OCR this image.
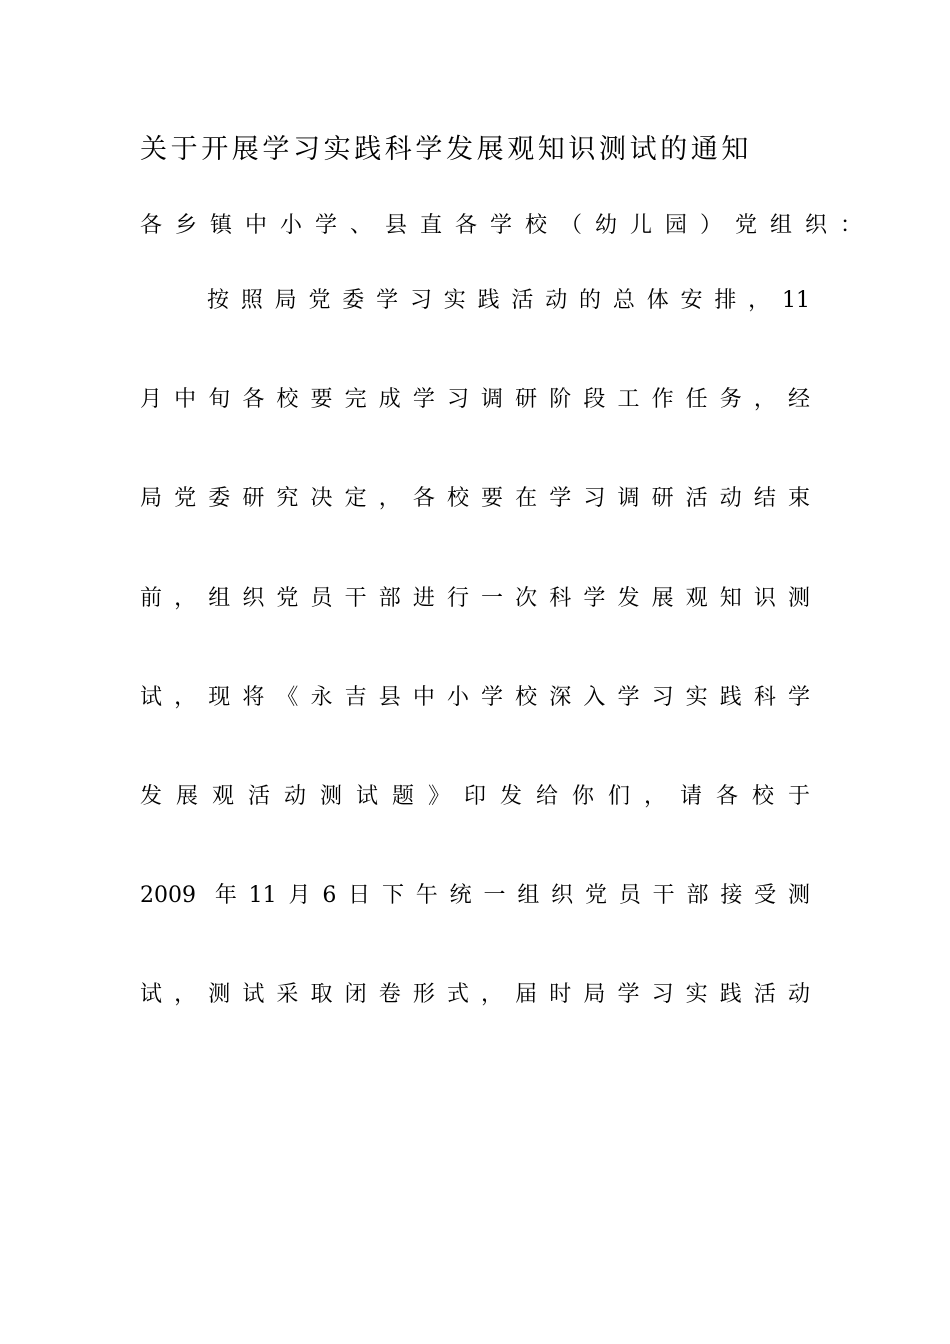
关于开展学习实践科学发展观知识测试的通知
各乡镇中小学、县直各学校（幼儿园）党组织：
按照局党委学习实践活动的总体安排，11
月中旬各校要完成学习调研阶段工作任务，经
局党委研究决定，各校要在学习调研活动结束
前，组织党员干部进行一次科学发展观知识测
试，现将《永吉县中小学校深入学习实践科学
发展观活动测试题》印发给你们，请各校于
2009 年11月6日下午统一组织党员干部接受测
试，测试采取闭卷形式，届时局学习实践活动
